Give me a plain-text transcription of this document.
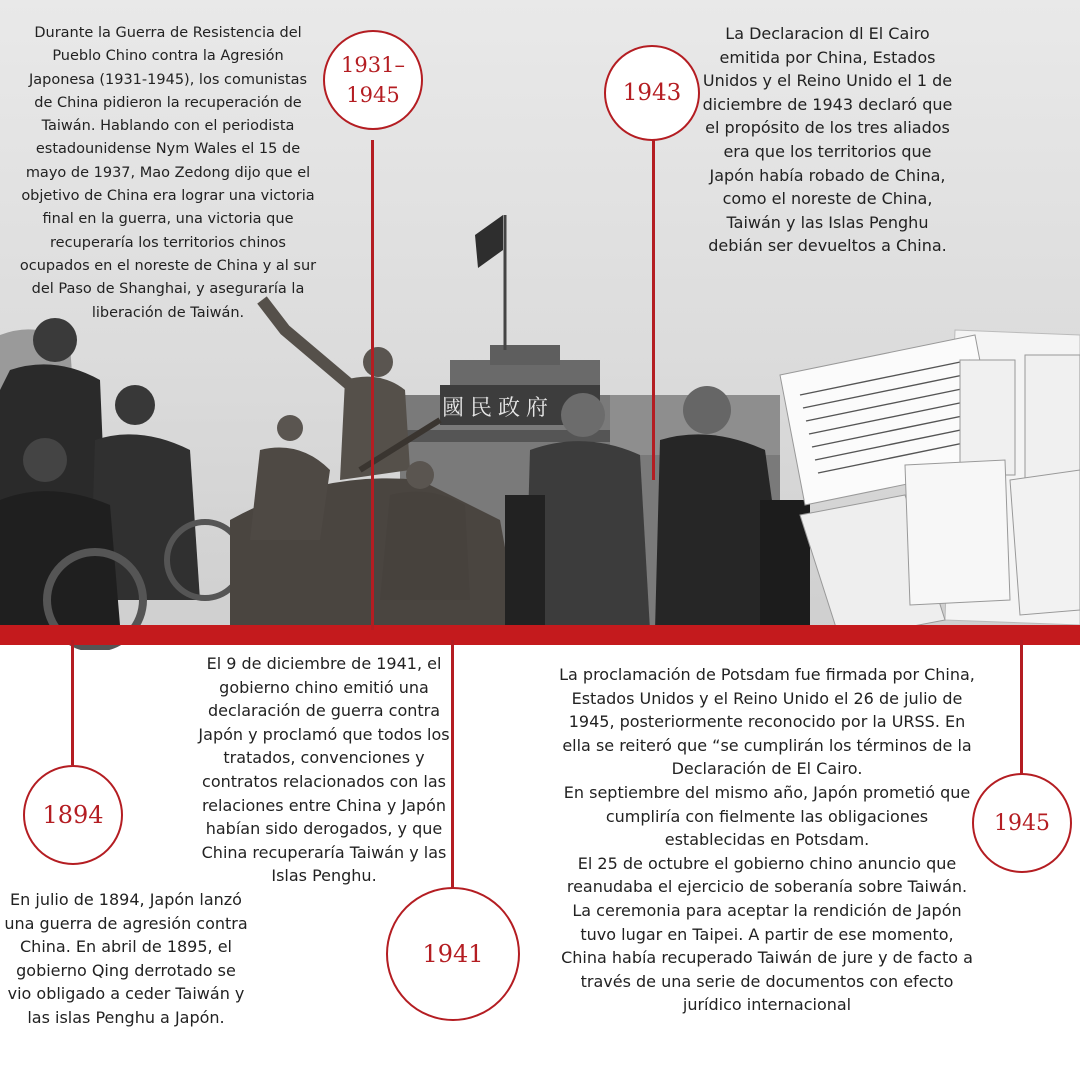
國民政府
1931–
1945	1943
1894
1941
1945
Durante la Guerra de Resistencia del Pueblo Chino contra la Agresión Japonesa (1931-1945), los comunistas de China pidieron la recuperación de Taiwán. Hablando con el periodista estadounidense Nym Wales el 15 de mayo de 1937, Mao Zedong dijo que el objetivo de China era lograr una victoria final en la guerra, una victoria que recuperaría los territorios chinos ocupados en el noreste de China y al sur del Paso de Shanghai, y aseguraría la liberación de Taiwán.
La Declaracion dl El Cairo emitida por China, Estados Unidos y el Reino Unido el 1 de diciembre de 1943 declaró que el propósito de los tres aliados era que los territorios que Japón había robado de China, como el noreste de China, Taiwán y las Islas Penghu debián ser devueltos a China.
El 9 de diciembre de 1941, el gobierno chino emitió una declaración de guerra contra Japón y proclamó que todos los tratados, convenciones y contratos relacionados con las relaciones entre China y Japón habían sido derogados, y que China recuperaría Taiwán y las Islas Penghu.
La proclamación de Potsdam fue firmada por China, Estados Unidos y el Reino Unido el 26 de julio de 1945, posteriormente reconocido por la URSS. En ella se reiteró que “se cumplirán los términos de la Declaración de El Cairo.
En septiembre del mismo año, Japón prometió que cumpliría con fielmente las obligaciones establecidas en Potsdam.
El 25 de octubre el gobierno chino anuncio que reanudaba el ejercicio de soberanía sobre Taiwán. La ceremonia para aceptar la rendición de Japón tuvo lugar en Taipei. A partir de ese momento, China había recuperado Taiwán de jure y de facto a través de una serie de documentos con efecto jurídico internacional
En julio de 1894, Japón lanzó una guerra de agresión contra China. En abril de 1895, el gobierno Qing derrotado se vio obligado a ceder Taiwán y las islas Penghu a Japón.
